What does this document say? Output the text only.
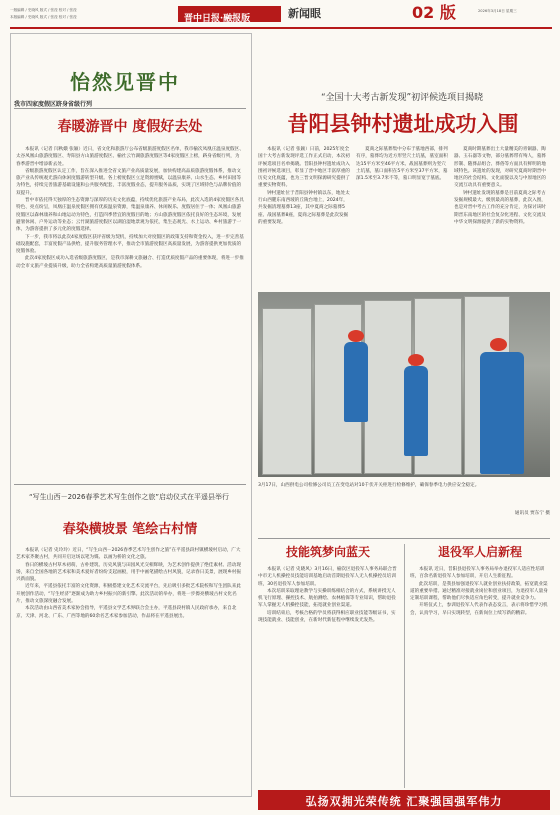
一版编辑 / 史晓风 版式 / 张滢 校对 / 张滢
本版编辑 / 史晓风 版式 / 张滢 校对 / 张滢	晋中日报·融报版	新闻眼	02 版	2026年3月18日 星期三
怡然见晋中
我市四家度假区跻身省级行列
春暖游晋中 度假好去处

本报讯（记者 闫秋娥 张颖）近日，省文化和旅游厅公布省级旅游度假区名单，我市榆次凤凰庄温泉度假区、太谷凤凰山旅游度假区、寿阳县方山旅游度假区、榆社云竹湖旅游度假区等4家度假区上榜，跻身省级行列，为春季游晋中增添新去处。

省级旅游度假区认定工作，旨在深入推进全省文旅产业高质量发展，加快构建高品质旅游度假体系，推动文旅产业从传统观光游向休闲度假游转型升级。各上榜度假区立足资源禀赋，以温泉康养、山水生态、乡村田园等为特色，持续完善旅游基础设施和公共服务配套，丰富度假业态，提升服务品质，实现了区域特色与品牌价值的双提升。

晋中市依托得天独厚的生态资源与深厚的历史文化底蕴，持续优化旅游产业布局，此次入选的4家度假区各具特色、亮点纷呈，凤凰庄温泉度假区拥有优质温泉资源，集温泉康养、休闲娱乐、度假居住于一体；凤凰山旅游度假区以森林康养和山地运动为特色，打造四季皆宜的度假目的地；方山旅游度假区依托良好的生态环境，发展避暑休闲、户外运动等业态；云竹湖旅游度假区以湖泊湿地景观为依托，集生态观光、水上运动、乡村旅游于一体，为游客提供了多元化的度假选择。

下一步，我市将以此次4家度假区获评省级为契机，持续加大对度假区的政策支持和资金投入，进一步完善基础设施配套，丰富度假产品供给，提升服务管理水平，推动全市旅游度假区高质量发展，为游客提供更加优质的度假体验。

此次4家度假区成功入选省级旅游度假区，是我市深耕文旅融合、打造优质度假产品的重要体现，将进一步推动全市文旅产业提质升级，助力全省构建高质量旅游度假体系。

“写生山西－2026春季艺术写生创作之旅”启动仪式在平遥县举行
春染横坡景 笔绘古村情

本报讯（记者 史玲玲）近日，“写生山西－2026春季艺术写生创作之旅”在平遥县段村镇横坡村启动，广大艺术家齐聚古村，共同开启这场以笔为媒、以画为桥的文化之旅。

春日的横坡古村草木初萌，古朴建筑、历史风貌与田园风光交相辉映，为艺术创作提供了绝佳素材。活动现场，来自全国各地的艺术家和美术爱好者纷纷支起画板，用手中画笔描绘古村风貌，记录春日美景，展现乡村振兴新面貌。

近年来，平遥县依托丰富的文化资源，积极搭建文化艺术交流平台，先后吸引多批艺术院校和写生团队来此开展创作活动，“写生经济”逐渐成为助力乡村振兴的新引擎。此次活动的举办，将进一步擦亮横坡古村文化名片，推动文旅深度融合发展。

本次活动由山西省美术家协会指导，平遥县文学艺术界联合会主办，平遥县段村镇人民政府承办，来自北京、天津、河北、广东、广西等地的60余名艺术家参加活动，作品将在平遥县展出。

“全国十大考古新发现”初评候选项目揭晓
昔阳县钟村遗址成功入围

本报讯（记者 张颖）日前，2025年度全国十大考古新发现评选工作正式启动，本次初评候选项目名单揭晓。昔阳县钟村遗址成功入围初评候选项目，彰显了晋中地区丰富厚重的历史文化底蕴，也为三晋文明探源研究提供了重要实物资料。

钟村遗址位于昔阳县钟村镇以东，地处太行山西麓东南西坡的丘陵台地上，2024年，共发掘清理墓葬13座，其中夏商之际墓葬5座、战国墓葬8座，夏商之际墓葬是此次发掘的重要发现。

夏商之际墓葬集中分布于墓地西部，排列有序，墓葬均为近方形竖穴土坑墓，墓室面积达15平方米至46平方米。战国墓葬则为竖穴土坑墓，墓口面积在5平方米至37平方米，墓深1.5米至3.7米不等，墓口明显宽于墓底。

夏商时期墓葬出土大量精美的青铜器、陶器、玉石器等文物，部分墓葬带有殉人，墓葬形制、随葬品组合、葬俗等方面具有鲜明的地域特色。该遗址的发现，对研究夏商时期晋中地区的社会结构、文化面貌以及与中原地区的交流互动具有重要意义。

钟村遗址发现的墓葬是目前夏商之际考古发掘规模最大、级别最高的墓葬，此次入围，也是对晋中考古工作的充分肯定，为探讨该时期晋东南地区的社会复杂化进程、文化交流及中华文明探源提供了新的实物资料。

3月17日，山西供电公司检修公司员工在变电站对10千伏开关柜进行检修维护，确保春季电力供应安全稳定。
通讯员 贾东宁 摄
技能筑梦向蓝天

本报讯（记者 史晓风）3月16日，榆次区退役军人事务局联合晋中市无人机操控员技能培训基地启动首期退役军人无人机操控员培训班，30名退役军人参加培训。

本次培训采取理论教学与实操训练相结合的方式，系统讲授无人机飞行原理、操控技术、航拍测绘、农林植保等专业知识，帮助退役军人掌握无人机操控技能，拓宽就业创业渠道。

培训结束后，考核合格的学员将获得相应职业技能等级证书，实现技能就业、技能创业，在新时代新征程中继续发光发热。

退役军人启新程

本报讯 近日，昔阳县退役军人事务局举办退役军人适应性培训班，百余名新退役军人参加培训，开启人生新征程。

此次培训，是我县加强退役军人就业创业扶持政策，拓宽就业渠道的重要举措。通过精准对接就业岗位和创业项目，为退役军人量身定制培训课程，帮助他们尽快适应角色转变，提升就业竞争力。

开班仪式上，参训退役军人代表作表态发言，表示将珍惜学习机会，认真学习，早日实现转型，在新岗位上续写新的精彩。

弘扬双拥光荣传统 汇聚强国强军伟力
